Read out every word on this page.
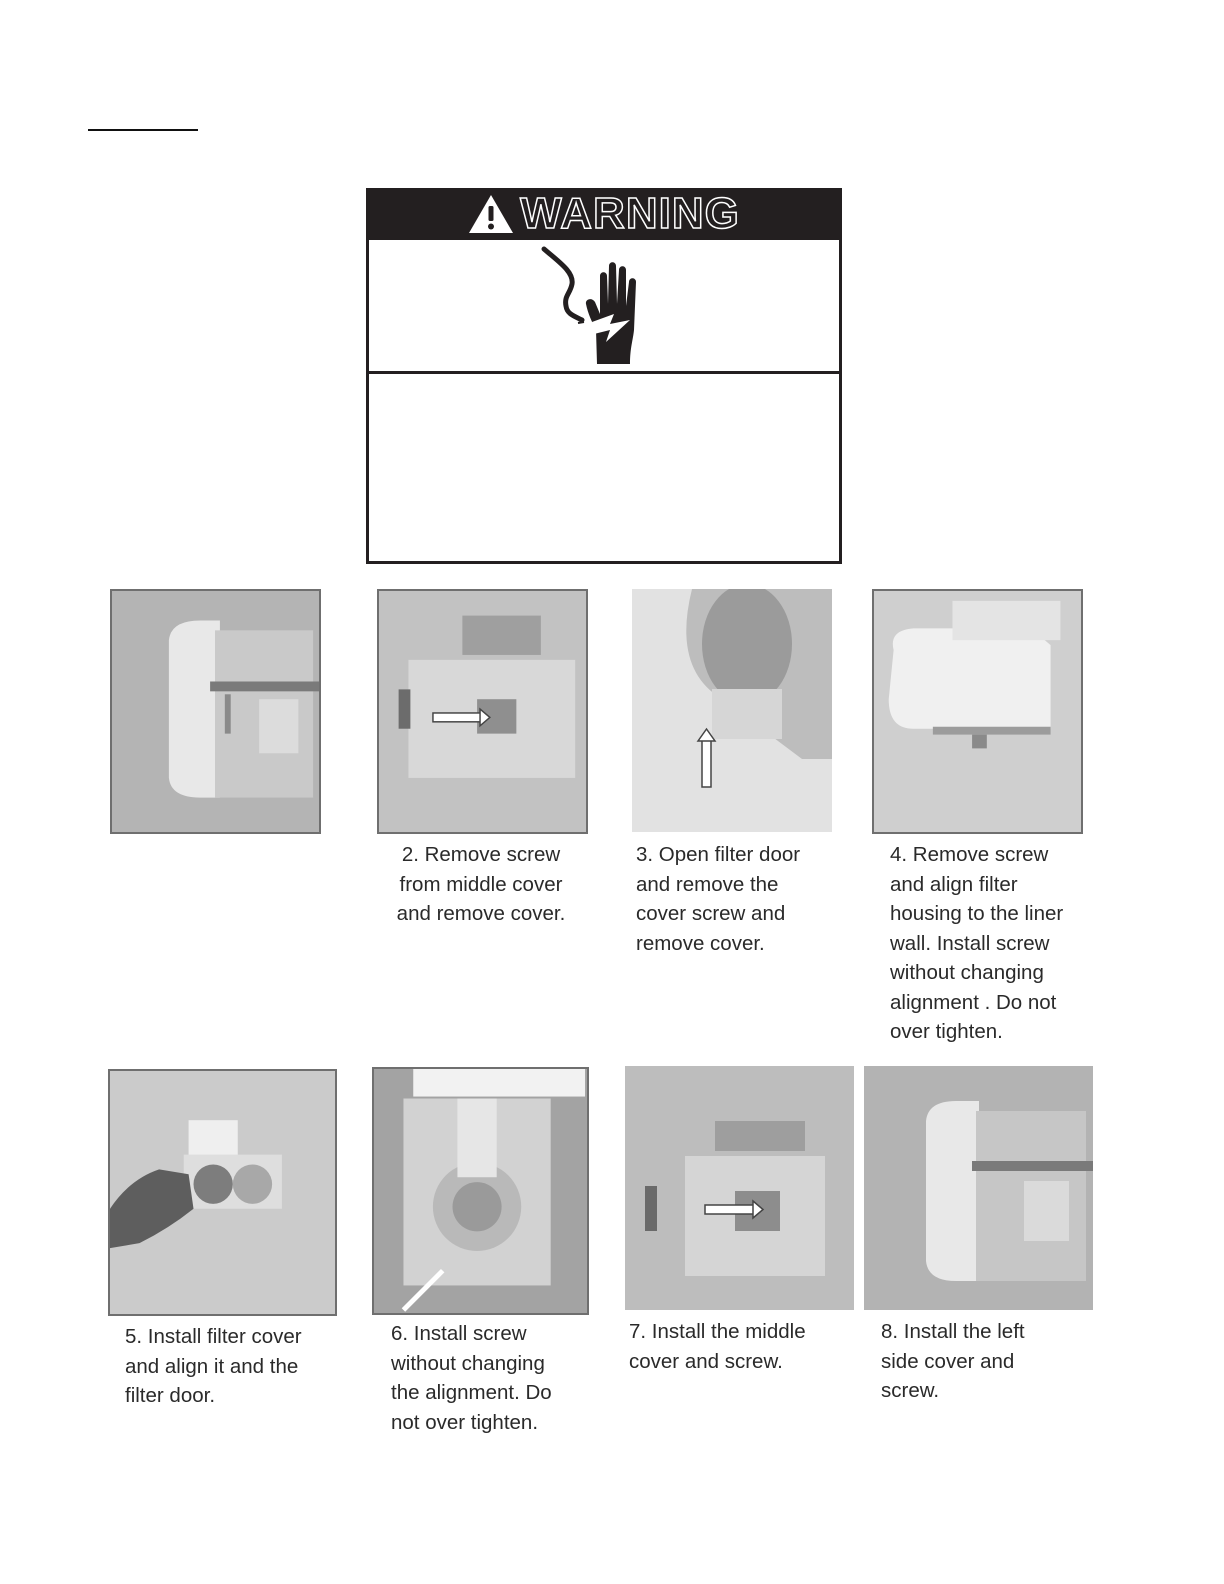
WARNING

2. Remove screw
from middle cover
and remove cover.

3. Open filter door
and remove the
cover screw and
remove cover.

4. Remove screw
and align filter
housing to the liner
wall. Install screw
without changing
alignment . Do not
over tighten.

5. Install filter cover
and align it and the
filter door.

6. Install screw
without changing
the alignment. Do
not over tighten.

7. Install the middle
cover and screw.

8. Install the left
side cover and
screw.
